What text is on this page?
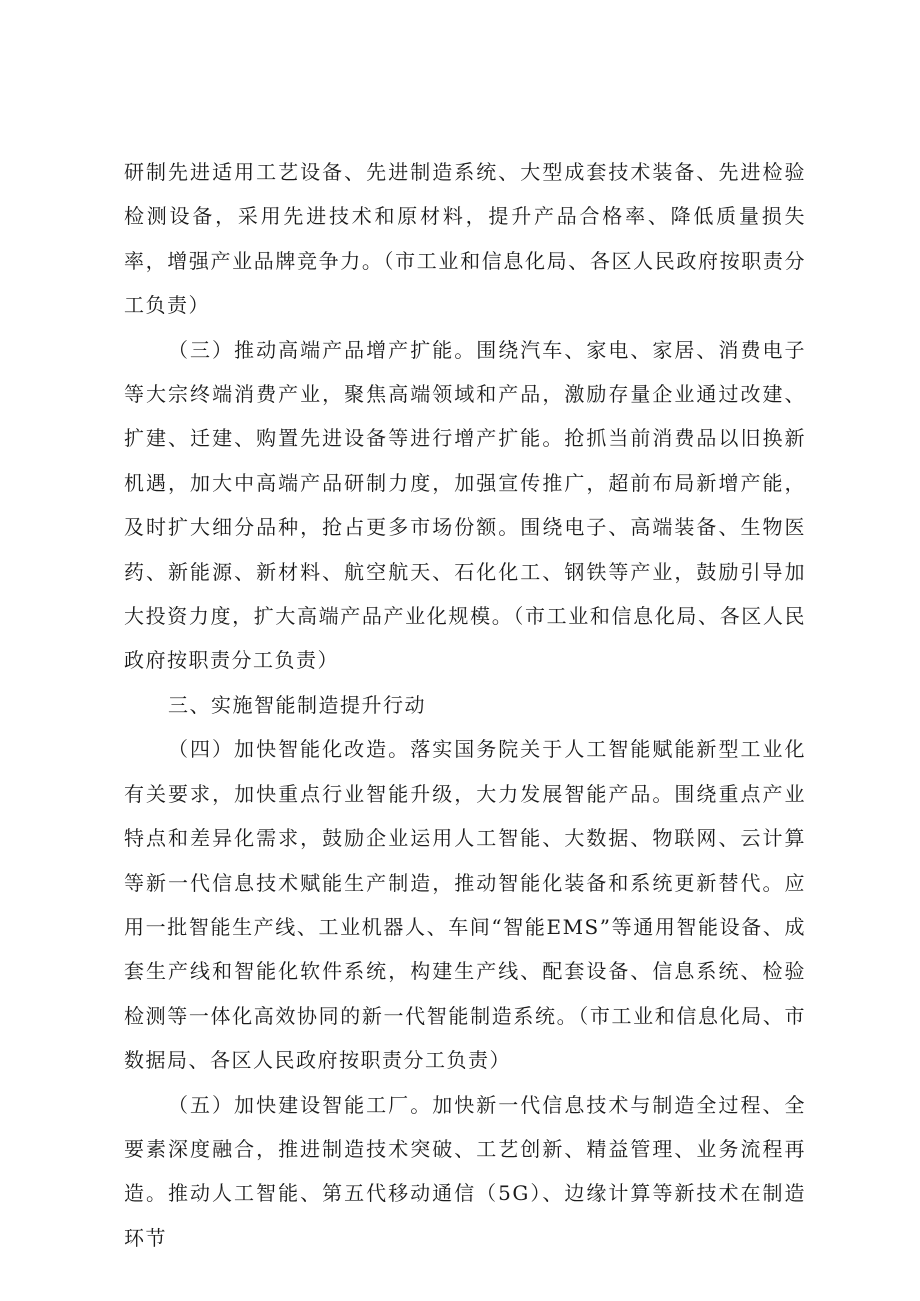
研制先进适用工艺设备、先进制造系统、大型成套技术装备、先进检验检测设备，采用先进技术和原材料，提升产品合格率、降低质量损失率，增强产业品牌竞争力。（市工业和信息化局、各区人民政府按职责分工负责）

（三）推动高端产品增产扩能。围绕汽车、家电、家居、消费电子等大宗终端消费产业，聚焦高端领域和产品，激励存量企业通过改建、扩建、迁建、购置先进设备等进行增产扩能。抢抓当前消费品以旧换新机遇，加大中高端产品研制力度，加强宣传推广，超前布局新增产能，及时扩大细分品种，抢占更多市场份额。围绕电子、高端装备、生物医药、新能源、新材料、航空航天、石化化工、钢铁等产业，鼓励引导加大投资力度，扩大高端产品产业化规模。（市工业和信息化局、各区人民政府按职责分工负责）

三、实施智能制造提升行动

（四）加快智能化改造。落实国务院关于人工智能赋能新型工业化有关要求，加快重点行业智能升级，大力发展智能产品。围绕重点产业特点和差异化需求，鼓励企业运用人工智能、大数据、物联网、云计算等新一代信息技术赋能生产制造，推动智能化装备和系统更新替代。应用一批智能生产线、工业机器人、车间“智能EMS”等通用智能设备、成套生产线和智能化软件系统，构建生产线、配套设备、信息系统、检验检测等一体化高效协同的新一代智能制造系统。（市工业和信息化局、市数据局、各区人民政府按职责分工负责）

（五）加快建设智能工厂。加快新一代信息技术与制造全过程、全要素深度融合，推进制造技术突破、工艺创新、精益管理、业务流程再造。推动人工智能、第五代移动通信（5G）、边缘计算等新技术在制造环节
